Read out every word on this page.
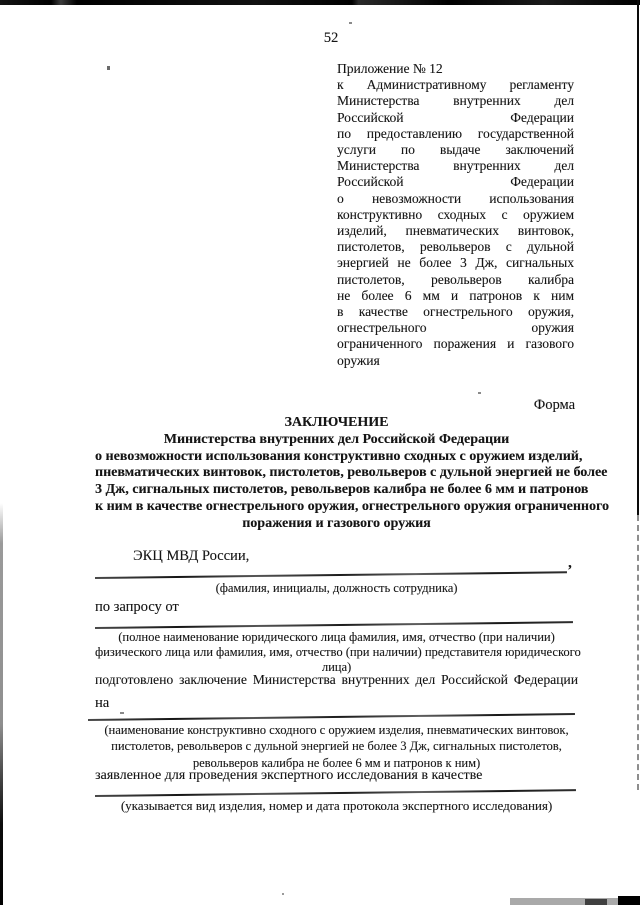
52
Приложение № 12
к Административному регламенту
Министерства внутренних дел
Российской Федерации
по предоставлению государственной
услуги по выдаче заключений
Министерства внутренних дел
Российской Федерации
о невозможности использования
конструктивно сходных с оружием
изделий, пневматических винтовок,
пистолетов, револьверов с дульной
энергией не более 3 Дж, сигнальных
пистолетов, револьверов калибра
не более 6 мм и патронов к ним
в качестве огнестрельного оружия,
огнестрельного оружия
ограниченного поражения и газового
оружия
Форма
ЗАКЛЮЧЕНИЕ
Министерства внутренних дел Российской Федерации
о невозможности использования конструктивно сходных с оружием изделий,
пневматических винтовок, пистолетов, револьверов с дульной энергией не более
3 Дж, сигнальных пистолетов, револьверов калибра не более 6 мм и патронов
к ним в качестве огнестрельного оружия, огнестрельного оружия ограниченного
поражения и газового оружия
ЭКЦ МВД России,	,
(фамилия, инициалы, должность сотрудника)
по запросу от
(полное наименование юридического лица фамилия, имя, отчество (при наличии)
физического лица или фамилия, имя, отчество (при наличии) представителя юридического
лица)
подготовлено заключение Министерства внутренних дел Российской Федерации
на
(наименование конструктивно сходного с оружием изделия, пневматических винтовок,
пистолетов, револьверов с дульной энергией не более 3 Дж, сигнальных пистолетов,
револьверов калибра не более 6 мм и патронов к ним)
заявленное для проведения экспертного исследования в качестве
(указывается вид изделия, номер и дата протокола экспертного исследования)
